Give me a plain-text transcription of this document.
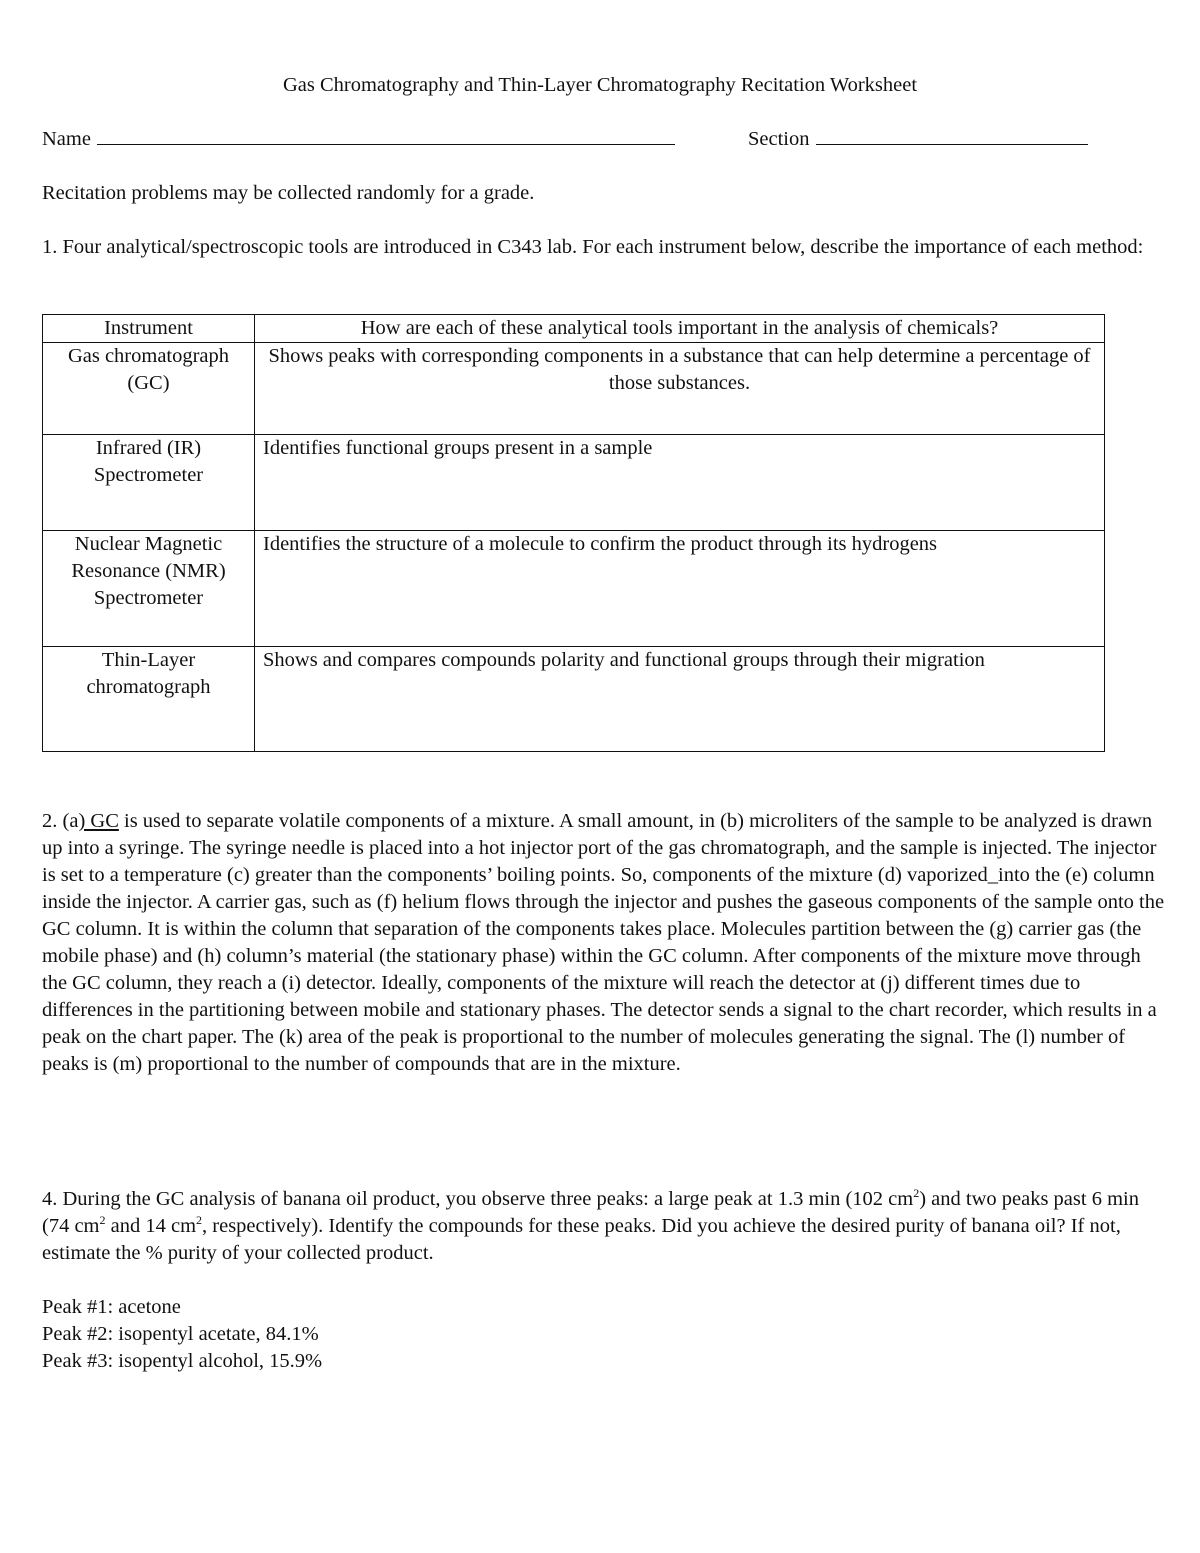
Gas Chromatography and Thin-Layer Chromatography Recitation Worksheet
Name	Section
Recitation problems may be collected randomly for a grade.
1. Four analytical/spectroscopic tools are introduced in C343 lab. For each instrument below, describe the importance of each method:
Instrument	How are each of these analytical tools important in the analysis of chemicals?
Gas chromatograph (GC)	Shows peaks with corresponding components in a substance that can help determine a percentage of those substances.
Infrared (IR) Spectrometer	Identifies functional groups present in a sample
Nuclear Magnetic Resonance (NMR) Spectrometer	Identifies the structure of a molecule to confirm the product through its hydrogens
Thin-Layer chromatograph	Shows and compares compounds polarity and functional groups through their migration
2. (a) GC is used to separate volatile components of a mixture. A small amount, in (b) microliters of the sample to be analyzed is drawn up into a syringe. The syringe needle is placed into a hot injector port of the gas chromatograph, and the sample is injected. The injector is set to a temperature (c) greater than the components’ boiling points. So, components of the mixture (d) vaporized_into the (e) column inside the injector. A carrier gas, such as (f) helium flows through the injector and pushes the gaseous components of the sample onto the GC column. It is within the column that separation of the components takes place. Molecules partition between the (g) carrier gas (the mobile phase) and (h) column’s material (the stationary phase) within the GC column. After components of the mixture move through the GC column, they reach a (i) detector. Ideally, components of the mixture will reach the detector at (j) different times due to differences in the partitioning between mobile and stationary phases. The detector sends a signal to the chart recorder, which results in a peak on the chart paper. The (k) area of the peak is proportional to the number of molecules generating the signal. The (l) number of peaks is (m) proportional to the number of compounds that are in the mixture.
4. During the GC analysis of banana oil product, you observe three peaks: a large peak at 1.3 min (102 $cm^2$) and two peaks past 6 min (74 $cm^2$ and 14 $cm^2$, respectively). Identify the compounds for these peaks. Did you achieve the desired purity of banana oil? If not, estimate the % purity of your collected product.
Peak #1: acetone
Peak #2: isopentyl acetate, 84.1%
Peak #3: isopentyl alcohol, 15.9%
